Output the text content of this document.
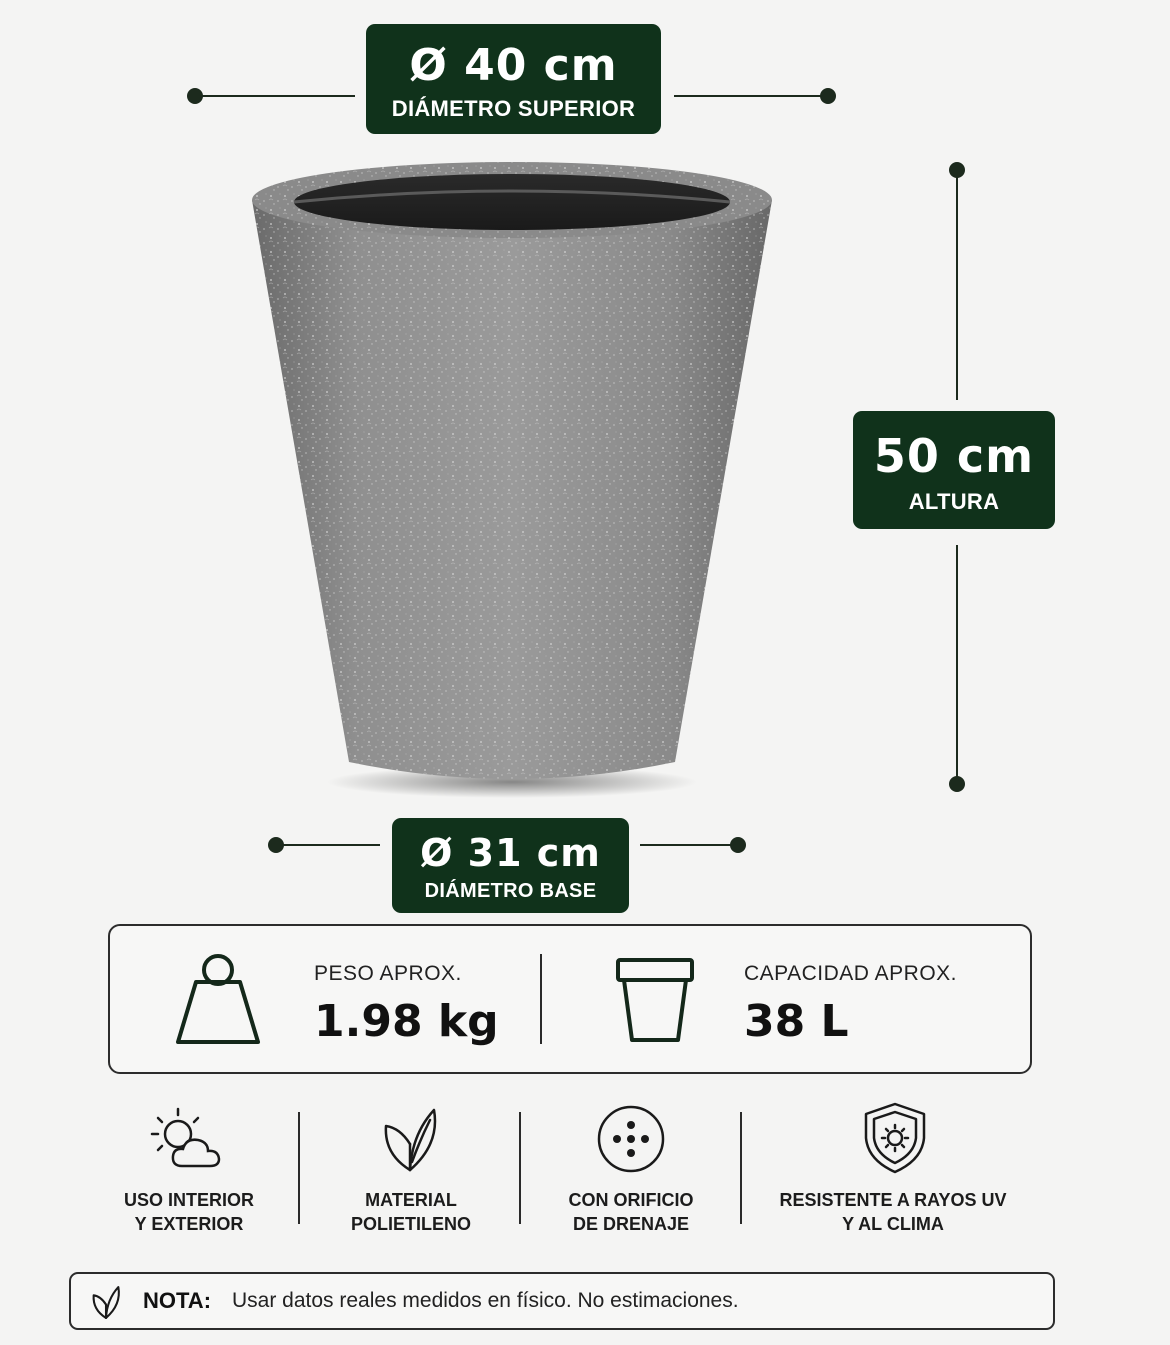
Ø 40 cm
DIÁMETRO SUPERIOR
50 cm
ALTURA
Ø 31 cm
DIÁMETRO BASE
PESO APROX.
1.98 kg
CAPACIDAD APROX.
38 L
USO INTERIOR
Y EXTERIOR
MATERIAL
POLIETILENO
CON ORIFICIO
DE DRENAJE
RESISTENTE A RAYOS UV
Y AL CLIMA
NOTA: Usar datos reales medidos en físico. No estimaciones.
